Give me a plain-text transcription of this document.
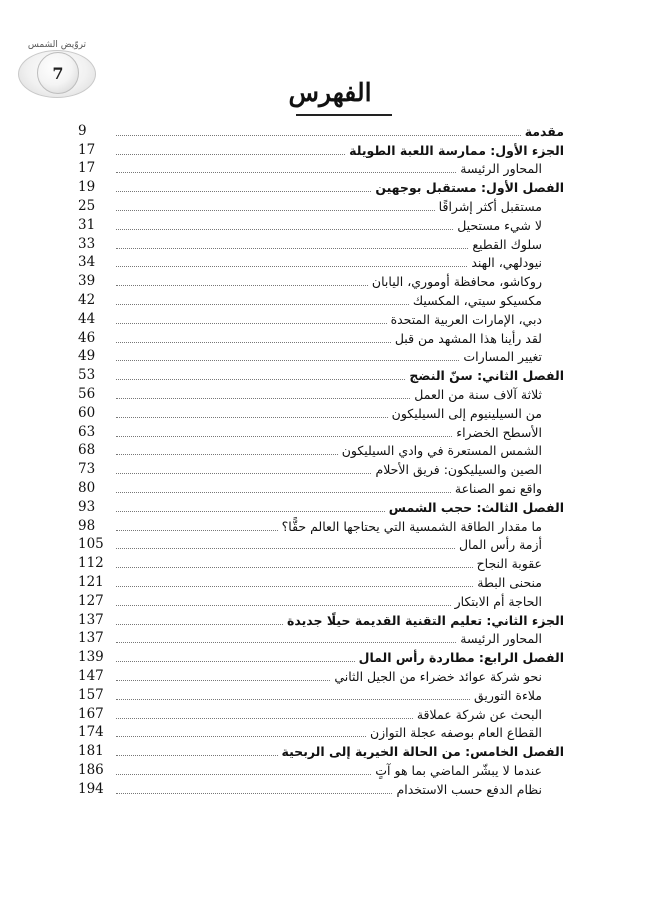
تروّيض الشمس
7
الفهرس
9	مقدمة
17	الجزء الأول: ممارسة اللعبة الطويلة
17	المحاور الرئيسة
19	الفصل الأول: مستقبل بوجهين
25	مستقبل أكثر إشراقًا
31	لا شيء مستحيل
33	سلوك القطيع
34	نيودلهي، الهند
39	روكاشو، محافظة أوموري، اليابان
42	مكسيكو سيتي، المكسيك
44	دبي، الإمارات العربية المتحدة
46	لقد رأينا هذا المشهد من قبل
49	تغيير المسارات
53	الفصل الثاني: سنّ النضج
56	ثلاثة آلاف سنة من العمل
60	من السيلينيوم إلى السيليكون
63	الأسطح الخضراء
68	الشمس المستعرة في وادي السيليكون
73	الصين والسيليكون: فريق الأحلام
80	واقع نمو الصناعة
93	الفصل الثالث: حجب الشمس
98	ما مقدار الطاقة الشمسية التي يحتاجها العالم حقًّا؟
105	أزمة رأس المال
112	عقوبة النجاح
121	منحنى البطة
127	الحاجة أم الابتكار
137	الجزء الثاني: تعليم التقنية القديمة حيلًا جديدة
137	المحاور الرئيسة
139	الفصل الرابع: مطاردة رأس المال
147	نحو شركة عوائد خضراء من الجيل الثاني
157	ملاءة التوريق
167	البحث عن شركة عملاقة
174	القطاع العام بوصفه عجلة التوازن
181	الفصل الخامس: من الحالة الخيرية إلى الربحية
186	عندما لا يبشّر الماضي بما هو آتٍ
194	نظام الدفع حسب الاستخدام
